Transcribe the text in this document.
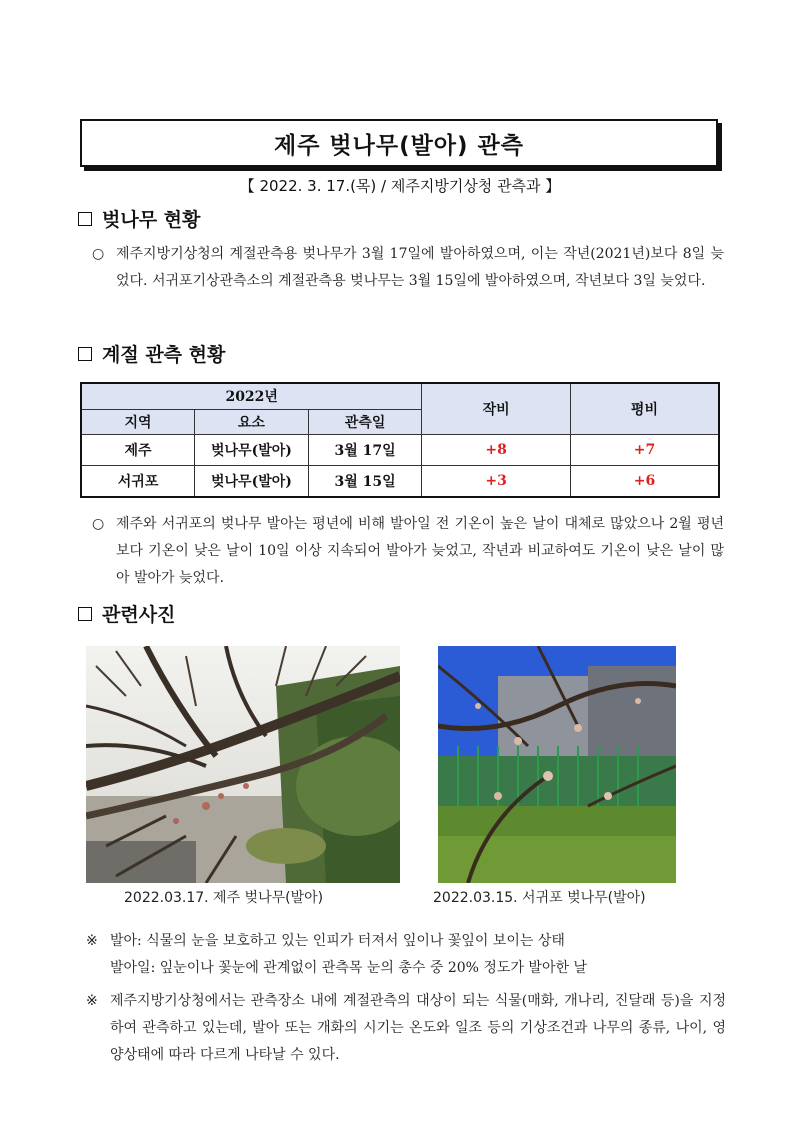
제주 벚나무(발아) 관측
【 2022. 3. 17.(목) / 제주지방기상청 관측과 】
벚나무 현황
○ 제주지방기상청의 계절관측용 벚나무가 3월 17일에 발아하였으며, 이는 작년(2021년)보다 8일 늦었다. 서귀포기상관측소의 계절관측용 벚나무는 3월 15일에 발아하였으며, 작년보다 3일 늦었다.
계절 관측 현황
2022년			작비	평비
지역	요소	관측일		
제주	벚나무(발아)	3월 17일	+8	+7
서귀포	벚나무(발아)	3월 15일	+3	+6
○ 제주와 서귀포의 벚나무 발아는 평년에 비해 발아일 전 기온이 높은 날이 대체로 많았으나 2월 평년보다 기온이 낮은 날이 10일 이상 지속되어 발아가 늦었고, 작년과 비교하여도 기온이 낮은 날이 많아 발아가 늦었다.
관련사진
2022.03.17. 제주 벚나무(발아)	2022.03.15. 서귀포 벚나무(발아)
※ 발아: 식물의 눈을 보호하고 있는 인피가 터져서 잎이나 꽃잎이 보이는 상태
발아일: 잎눈이나 꽃눈에 관계없이 관측목 눈의 총수 중 20% 정도가 발아한 날
※ 제주지방기상청에서는 관측장소 내에 계절관측의 대상이 되는 식물(매화, 개나리, 진달래 등)을 지정하여 관측하고 있는데, 발아 또는 개화의 시기는 온도와 일조 등의 기상조건과 나무의 종류, 나이, 영양상태에 따라 다르게 나타날 수 있다.
